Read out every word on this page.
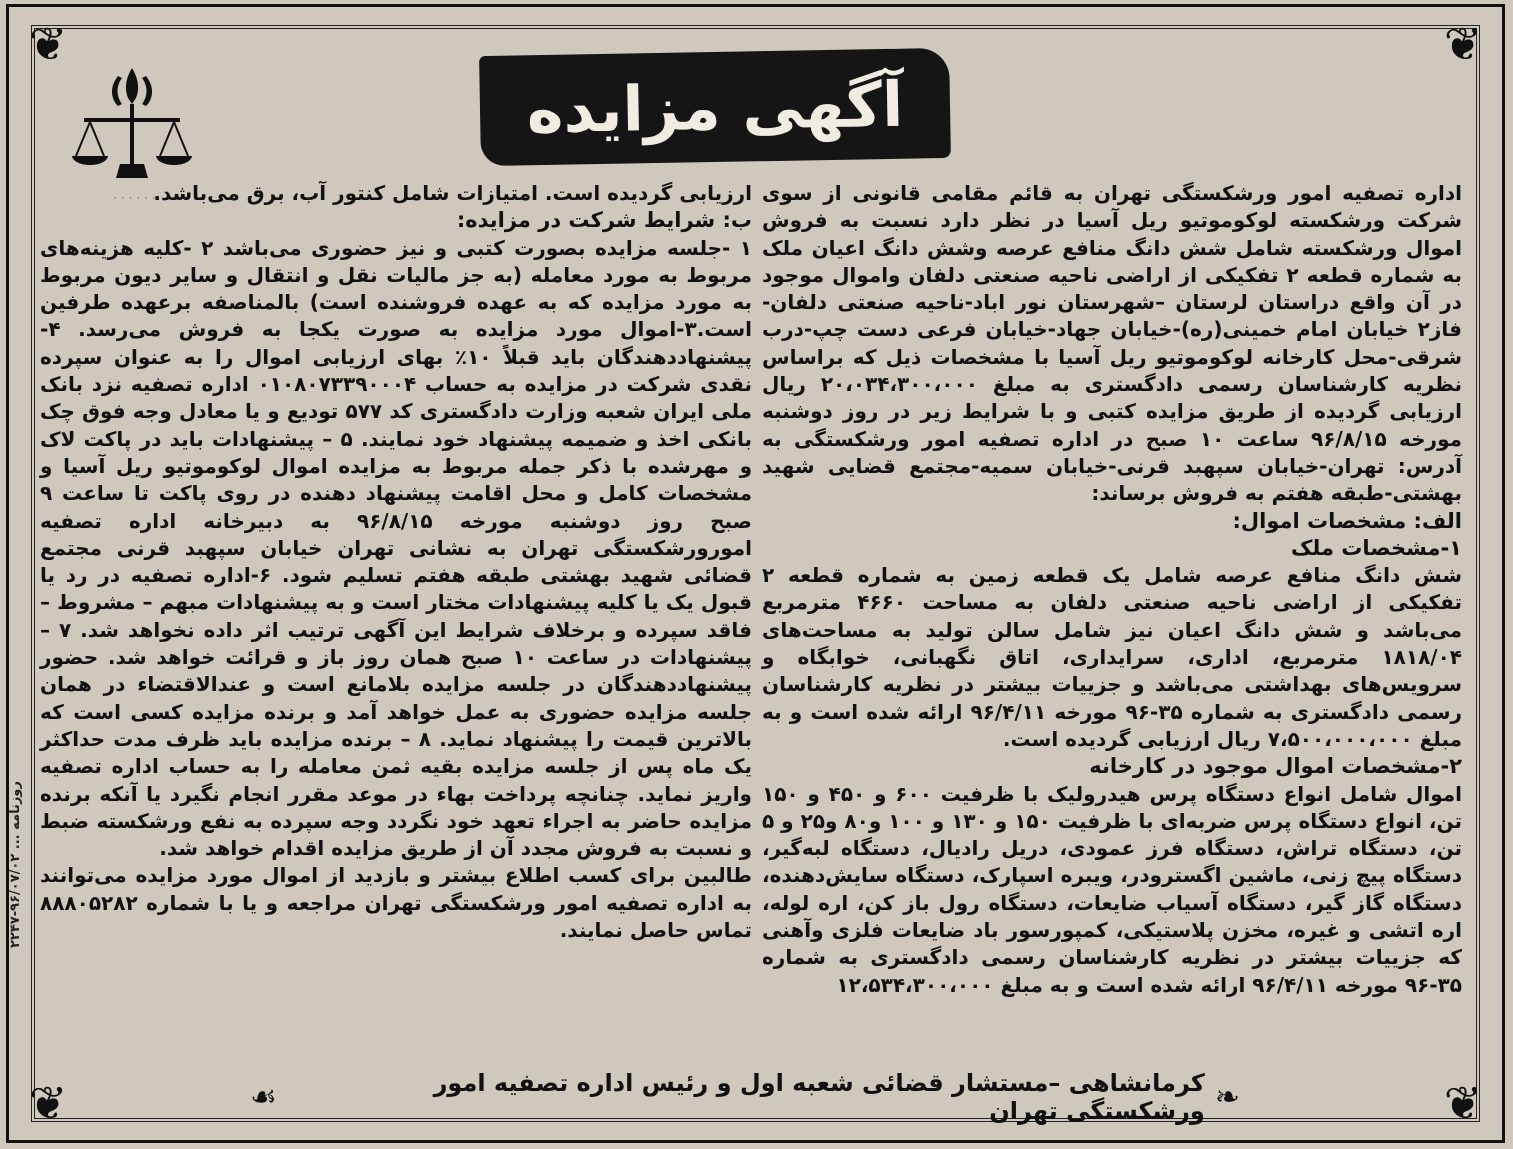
❦	❦
❦	❦
آگهی مزایده
· · · · · ·	اداره تصفیه امور ورشکستگی تهران به قائم مقامی قانونی از سوی شرکت ورشکسته لوکوموتیو ریل آسیا در نظر دارد نسبت به فروش اموال ورشکسته شامل شش دانگ منافع عرصه وشش دانگ اعیان ملک به شماره قطعه ۲ تفکیکی از اراضی ناحیه صنعتی دلفان واموال موجود در آن واقع دراستان لرستان –شهرستان نور اباد-ناحیه صنعتی دلفان-فاز۲ خیابان امام خمینی(ره)-خیابان جهاد-خیابان فرعی دست چپ-درب شرقی-محل کارخانه لوکوموتیو ریل آسیا با مشخصات ذیل که براساس نظریه کارشناسان رسمی دادگستری به مبلغ ۲۰،۰۳۴،۳۰۰،۰۰۰ ریال ارزیابی گردیده از طریق مزایده کتبی و با شرایط زیر در روز دوشنبه مورخه ۹۶/۸/۱۵ ساعت ۱۰ صبح در اداره تصفیه امور ورشکستگی به آدرس: تهران-خیابان سپهبد قرنی-خیابان سمیه-مجتمع قضایی شهید بهشتی-طبقه هفتم به فروش برساند:

الف: مشخصات اموال:

۱-مشخصات ملک

شش دانگ منافع عرصه شامل یک قطعه زمین به شماره قطعه ۲ تفکیکی از اراضی ناحیه صنعتی دلفان به مساحت ۴۶۶۰ مترمربع می‌باشد و شش دانگ اعیان نیز شامل سالن تولید به مساحت‌های ۱۸۱۸/۰۴ مترمربع، اداری، سرایداری، اتاق نگهبانی، خوابگاه و سرویس‌های بهداشتی می‌باشد و جزییات بیشتر در نظریه کارشناسان رسمی دادگستری به شماره ۳۵-۹۶ مورخه ۹۶/۴/۱۱ ارائه شده است و به مبلغ ۷،۵۰۰،۰۰۰،۰۰۰ ریال ارزیابی گردیده است.

۲-مشخصات اموال موجود در کارخانه

اموال شامل انواع دستگاه پرس هیدرولیک با ظرفیت ۶۰۰ و ۴۵۰ و ۱۵۰ تن، انواع دستگاه پرس ضربه‌ای با ظرفیت ۱۵۰ و ۱۳۰ و ۱۰۰ و۸۰ و۲۵ و ۵ تن، دستگاه تراش، دستگاه فرز عمودی، دریل رادیال، دستگاه لبه‌گیر، دستگاه پیچ زنی، ماشین اگسترودر، ویبره اسپارک، دستگاه سایش‌دهنده، دستگاه گاز گیر، دستگاه آسیاب ضایعات، دستگاه رول باز کن، اره لوله، اره اتشی و غیره، مخزن پلاستیکی، کمپورسور باد ضایعات فلزی وآهنی که جزییات بیشتر در نظریه کارشناسان رسمی دادگستری به شماره ۳۵-۹۶ مورخه ۹۶/۴/۱۱ ارائه شده است و به مبلغ ۱۲،۵۳۴،۳۰۰،۰۰۰

ارزیابی گردیده است. امتیازات شامل کنتور آب، برق می‌باشد.

ب: شرایط شرکت در مزایده:

۱ -جلسه مزایده بصورت کتبی و نیز حضوری می‌باشد ۲ -کلیه هزینه‌های مربوط به مورد معامله (به جز مالیات نقل و انتقال و سایر دیون مربوط به مورد مزایده که به عهده فروشنده است) بالمناصفه برعهده طرفین است.۳-اموال مورد مزایده به صورت یکجا به فروش می‌رسد. ۴- پیشنهاددهندگان باید قبلاً ۱۰٪ بهای ارزیابی اموال را به عنوان سپرده نقدی شرکت در مزایده به حساب ۰۱۰۸۰۷۳۳۹۰۰۰۴ اداره تصفیه نزد بانک ملی ایران شعبه وزارت دادگستری کد ۵۷۷ توديع و يا معادل وجه فوق چک بانکی اخذ و ضمیمه پیشنهاد خود نمایند. ۵ – پیشنهادات باید در پاکت لاک و مهرشده با ذکر جمله مربوط به مزایده اموال لوکوموتیو ریل آسیا و مشخصات کامل و محل اقامت پیشنهاد دهنده در روی پاکت تا ساعت ۹ صبح روز دوشنبه مورخه ۹۶/۸/۱۵ به دبیرخانه اداره تصفیه امورورشکستگی تهران به نشانی تهران خیابان سپهبد قرنی مجتمع قضائی شهید بهشتی طبقه هفتم تسلیم شود. ۶-اداره تصفیه در رد یا قبول یک یا کلیه پیشنهادات مختار است و به پیشنهادات مبهم – مشروط – فاقد سپرده و برخلاف شرایط این آگهی ترتیب اثر داده نخواهد شد. ۷ – پیشنهادات در ساعت ۱۰ صبح همان روز باز و قرائت خواهد شد. حضور پیشنهاددهندگان در جلسه مزایده بلامانع است و عندالاقتضاء در همان جلسه مزایده حضوری به عمل خواهد آمد و برنده مزایده کسی است که بالاترین قیمت را پیشنهاد نماید. ۸ – برنده مزایده باید ظرف مدت حداکثر یک ماه پس از جلسه مزایده بقیه ثمن معامله را به حساب اداره تصفیه واریز نماید. چنانچه پرداخت بهاء در موعد مقرر انجام نگیرد یا آنکه برنده مزایده حاضر به اجراء تعهد خود نگردد وجه سپرده به نفع ورشکسته ضبط و نسبت به فروش مجدد آن از طریق مزایده اقدام خواهد شد.

طالبین برای کسب اطلاع بیشتر و بازدید از اموال مورد مزایده می‌توانند به اداره تصفیه امور ورشکستگی تهران مراجعه و یا با شماره ۸۸۸۰۵۲۸۲ تماس حاصل نمایند.

روزنامه ... ۹۶/۰۷/۰۲-۲۲۴۷
❧
کرمانشاهی –مستشار قضائی شعبه اول و رئیس اداره تصفیه امور ورشکستگی تهران
☙
